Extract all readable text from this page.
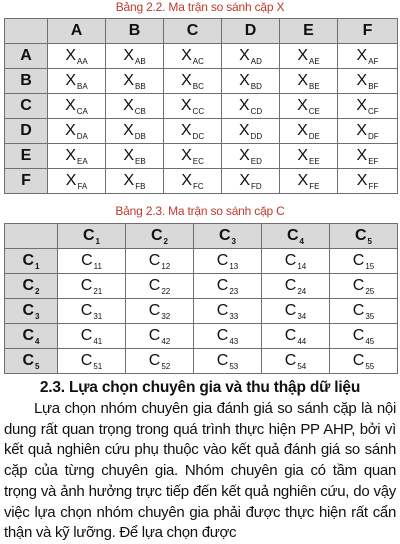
Bảng 2.2. Ma trận so sánh cặp X
	A	B	C	D	E	F
A	$X_{AA}$	$X_{AB}$	$X_{AC}$	$X_{AD}$	$X_{AE}$	$X_{AF}$
B	$X_{BA}$	$X_{BB}$	$X_{BC}$	$X_{BD}$	$X_{BE}$	$X_{BF}$
C	$X_{CA}$	$X_{CB}$	$X_{CC}$	$X_{CD}$	$X_{CE}$	$X_{CF}$
D	$X_{DA}$	$X_{DB}$	$X_{DC}$	$X_{DD}$	$X_{DE}$	$X_{DF}$
E	$X_{EA}$	$X_{EB}$	$X_{EC}$	$X_{ED}$	$X_{EE}$	$X_{EF}$
F	$X_{FA}$	$X_{FB}$	$X_{FC}$	$X_{FD}$	$X_{FE}$	$X_{FF}$
Bảng 2.3. Ma trận so sánh cặp C
	$C_1$	$C_2$	$C_3$	$C_4$	$C_5$
$C_1$	$C_{11}$	$C_{12}$	$C_{13}$	$C_{14}$	$C_{15}$
$C_2$	$C_{21}$	$C_{22}$	$C_{23}$	$C_{24}$	$C_{25}$
$C_3$	$C_{31}$	$C_{32}$	$C_{33}$	$C_{34}$	$C_{35}$
$C_4$	$C_{41}$	$C_{42}$	$C_{43}$	$C_{44}$	$C_{45}$
$C_5$	$C_{51}$	$C_{52}$	$C_{53}$	$C_{54}$	$C_{55}$
2.3. Lựa chọn chuyên gia và thu thập dữ liệu

Lựa chọn nhóm chuyên gia đánh giá so sánh cặp là nội dung rất quan trọng trong quá trình thực hiện PP AHP, bởi vì kết quả nghiên cứu phụ thuộc vào kết quả đánh giá so sánh cặp của từng chuyên gia. Nhóm chuyên gia có tầm quan trọng và ảnh hưởng trực tiếp đến kết quả nghiên cứu, do vậy việc lựa chọn nhóm chuyên gia phải được thực hiện rất cẩn thận và kỹ lưỡng. Để lựa chọn được
